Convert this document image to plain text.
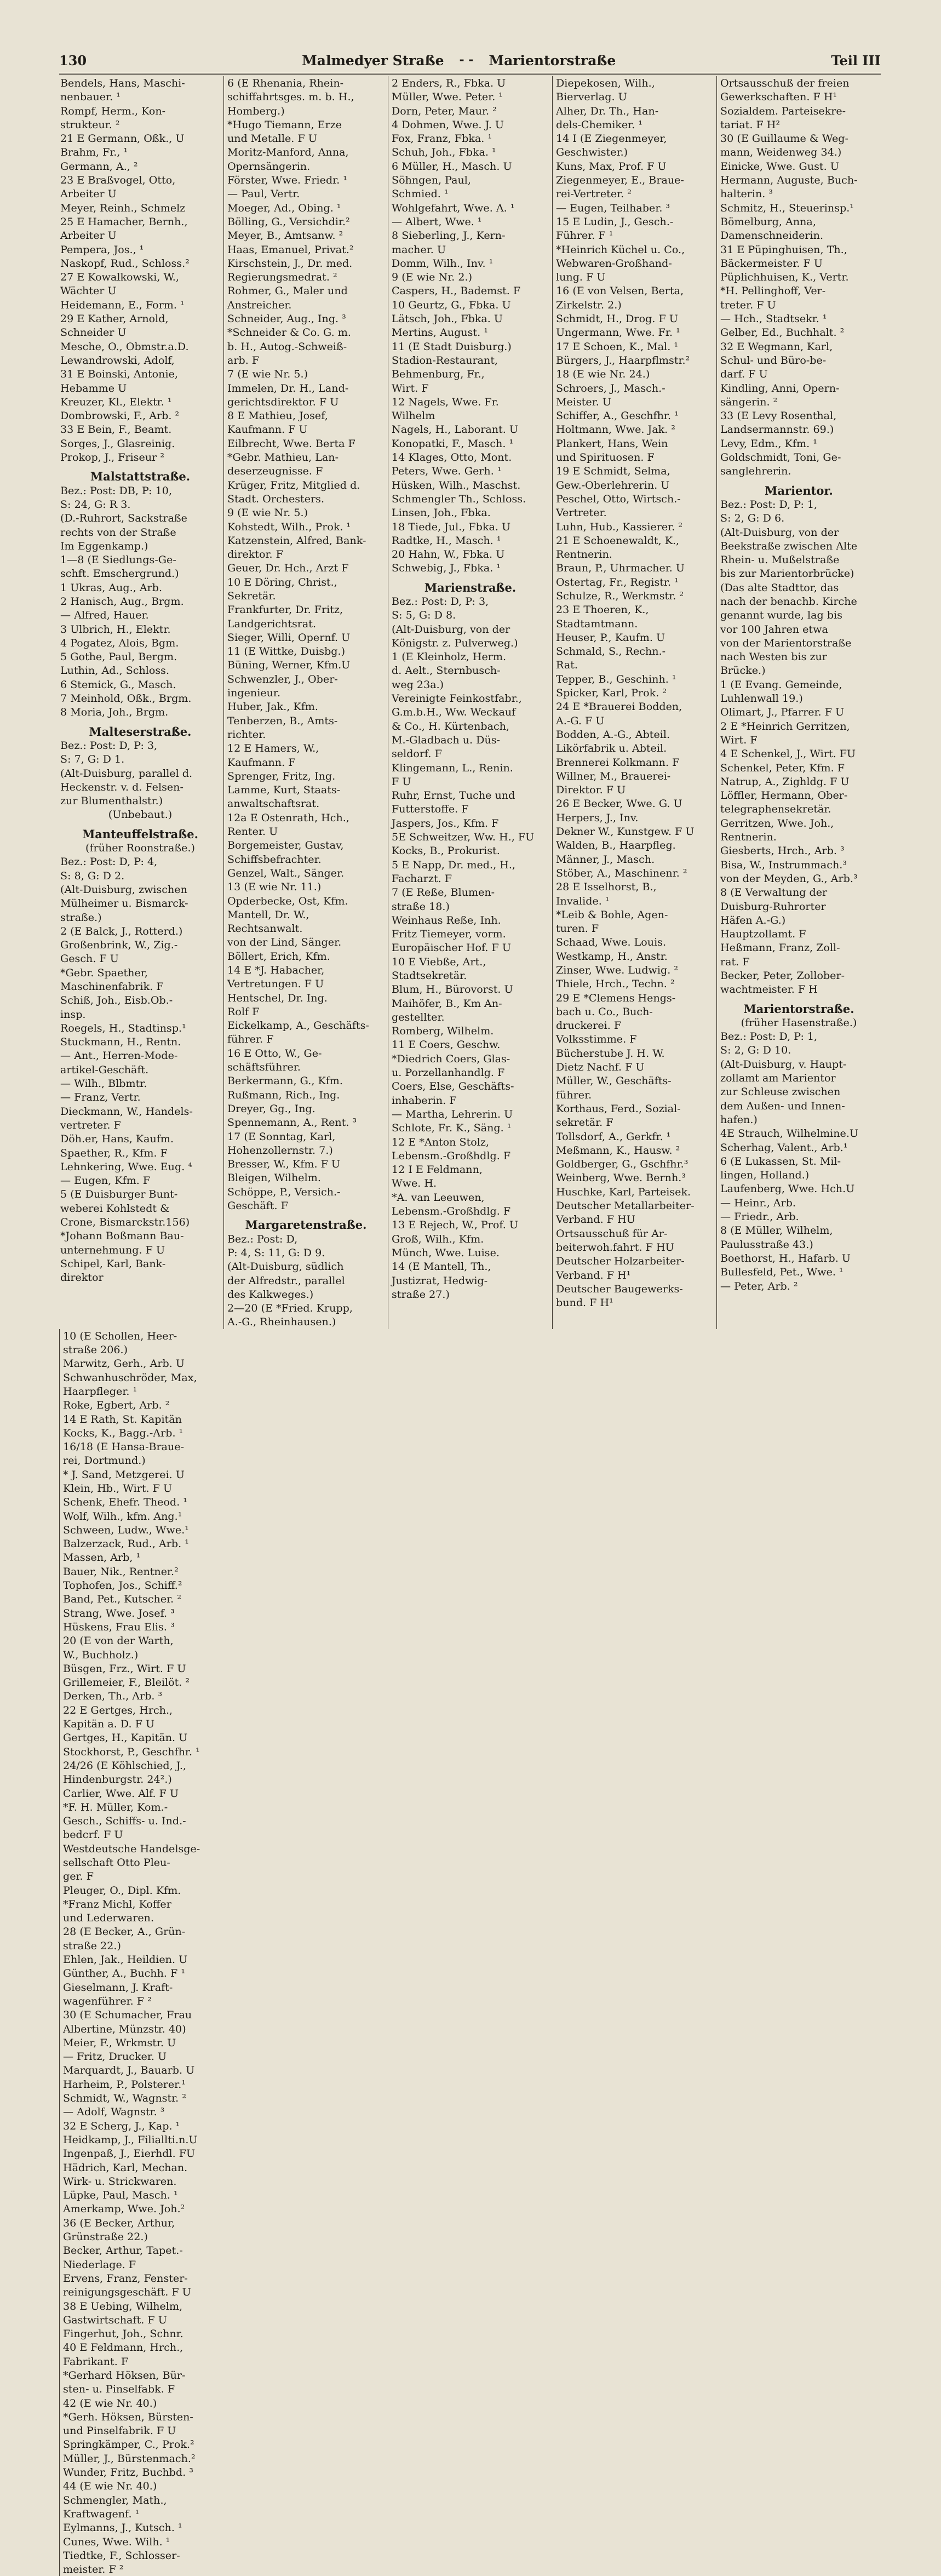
130	Malmedyer Straße - - Marientorstraße	Teil III
Bendels, Hans, Maschi-
nenbauer. ¹
Rompf, Herm., Kon-
strukteur. ²
21 E Germann, Oßk., U
Brahm, Fr., ¹
Germann, A., ²
23 E Braßvogel, Otto,
Arbeiter U
Meyer, Reinh., Schmelz
25 E Hamacher, Bernh.,
Arbeiter U
Pempera, Jos., ¹
Naskopf, Rud., Schloss.²
27 E Kowalkowski, W.,
Wächter U
Heidemann, E., Form. ¹
29 E Kather, Arnold,
Schneider U
Mesche, O., Obmstr.a.D.
Lewandrowski, Adolf,
31 E Boinski, Antonie,
Hebamme U
Kreuzer, Kl., Elektr. ¹
Dombrowski, F., Arb. ²
33 E Bein, F., Beamt.
Sorges, J., Glasreinig.
Prokop, J., Friseur ²
Malstattstraße.
Bez.: Post: DB, P: 10,
S: 24, G: R 3.
(D.-Ruhrort, Sackstraße
rechts von der Straße
Im Eggenkamp.)
1—8 (E Siedlungs-Ge-
schft. Emschergrund.)
1 Ukras, Aug., Arb.
2 Hanisch, Aug., Brgm.
— Alfred, Hauer.
3 Ulbrich, H., Elektr.
4 Pogatez, Alois, Bgm.
5 Gothe, Paul, Bergm.
Luthin, Ad., Schloss.
6 Stemick, G., Masch.
7 Meinhold, Oßk., Brgm.
8 Moria, Joh., Brgm.
Malteserstraße.
Bez.: Post: D, P: 3,
S: 7, G: D 1.
(Alt-Duisburg, parallel d.
Heckenstr. v. d. Felsen-
zur Blumenthalstr.)
(Unbebaut.)
Manteuffelstraße.
(früher Roonstraße.)
Bez.: Post: D, P: 4,
S: 8, G: D 2.
(Alt-Duisburg, zwischen
Mülheimer u. Bismarck-
straße.)
2 (E Balck, J., Rotterd.)
Großenbrink, W., Zig.-
Gesch. F U
*Gebr. Spaether,
Maschinenfabrik. F
Schiß, Joh., Eisb.Ob.-
insp.
Roegels, H., Stadtinsp.¹
Stuckmann, H., Rentn.
— Ant., Herren-Mode-
artikel-Geschäft.
— Wilh., Blbmtr.
— Franz, Vertr.
Dieckmann, W., Handels-
vertreter. F
Döh.er, Hans, Kaufm.
Spaether, R., Kfm. F
Lehnkering, Wwe. Eug. ⁴
— Eugen, Kfm. F
5 (E Duisburger Bunt-
weberei Kohlstedt &
Crone, Bismarckstr.156)
*Johann Boßmann Bau-
unternehmung. F U
Schipel, Karl, Bank-
direktor
6 (E Rhenania, Rhein-
schiffahrtsges. m. b. H.,
Homberg.)
*Hugo Tiemann, Erze
und Metalle. F U
Moritz-Manford, Anna,
Opernsängerin.
Förster, Wwe. Friedr. ¹
— Paul, Vertr.
Moeger, Ad., Obing. ¹
Bölling, G., Versichdir.²
Meyer, B., Amtsanw. ²
Haas, Emanuel, Privat.²
Kirschstein, J., Dr. med.
Regierungsmedrat. ²
Rohmer, G., Maler und
Anstreicher.
Schneider, Aug., Ing. ³
*Schneider & Co. G. m.
b. H., Autog.-Schweiß-
arb. F
7 (E wie Nr. 5.)
Immelen, Dr. H., Land-
gerichtsdirektor. F U
8 E Mathieu, Josef,
Kaufmann. F U
Eilbrecht, Wwe. Berta F
*Gebr. Mathieu, Lan-
deserzeugnisse. F
Krüger, Fritz, Mitglied d.
Stadt. Orchesters.
9 (E wie Nr. 5.)
Kohstedt, Wilh., Prok. ¹
Katzenstein, Alfred, Bank-
direktor. F
Geuer, Dr. Hch., Arzt F
10 E Döring, Christ.,
Sekretär.
Frankfurter, Dr. Fritz,
Landgerichtsrat.
Sieger, Willi, Opernf. U
11 (E Wittke, Duisbg.)
Büning, Werner, Kfm.U
Schwenzler, J., Ober-
ingenieur.
Huber, Jak., Kfm.
Tenberzen, B., Amts-
richter.
12 E Hamers, W.,
Kaufmann. F
Sprenger, Fritz, Ing.
Lamme, Kurt, Staats-
anwaltschaftsrat.
12a E Ostenrath, Hch.,
Renter. U
Borgemeister, Gustav,
Schiffsbefrachter.
Genzel, Walt., Sänger.
13 (E wie Nr. 11.)
Opderbecke, Ost, Kfm.
Mantell, Dr. W.,
Rechtsanwalt.
von der Lind, Sänger.
Böllert, Erich, Kfm.
14 E *J. Habacher,
Vertretungen. F U
Hentschel, Dr. Ing.
Rolf F
Eickelkamp, A., Geschäfts-
führer. F
16 E Otto, W., Ge-
schäftsführer.
Berkermann, G., Kfm.
Rußmann, Rich., Ing.
Dreyer, Gg., Ing.
Spennemann, A., Rent. ³
17 (E Sonntag, Karl,
Hohenzollernstr. 7.)
Bresser, W., Kfm. F U
Bleigen, Wilhelm.
Schöppe, P., Versich.-
Geschäft. F
Margaretenstraße.
Bez.: Post: D,
P: 4, S: 11, G: D 9.
(Alt-Duisburg, südlich
der Alfredstr., parallel
des Kalkweges.)
2—20 (E *Fried. Krupp,
A.-G., Rheinhausen.)
2 Enders, R., Fbka. U
Müller, Wwe. Peter. ¹
Dorn, Peter, Maur. ²
4 Dohmen, Wwe. J. U
Fox, Franz, Fbka. ¹
Schuh, Joh., Fbka. ¹
6 Müller, H., Masch. U
Söhngen, Paul,
Schmied. ¹
Wohlgefahrt, Wwe. A. ¹
— Albert, Wwe. ¹
8 Sieberling, J., Kern-
macher. U
Domm, Wilh., Inv. ¹
9 (E wie Nr. 2.)
Caspers, H., Bademst. F
10 Geurtz, G., Fbka. U
Lätsch, Joh., Fbka. U
Mertins, August. ¹
11 (E Stadt Duisburg.)
Stadion-Restaurant,
Behmenburg, Fr.,
Wirt. F
12 Nagels, Wwe. Fr.
Wilhelm
Nagels, H., Laborant. U
Konopatki, F., Masch. ¹
14 Klages, Otto, Mont.
Peters, Wwe. Gerh. ¹
Hüsken, Wilh., Maschst.
Schmengler Th., Schloss.
Linsen, Joh., Fbka.
18 Tiede, Jul., Fbka. U
Radtke, H., Masch. ¹
20 Hahn, W., Fbka. U
Schwebig, J., Fbka. ¹
Marienstraße.
Bez.: Post: D, P: 3,
S: 5, G: D 8.
(Alt-Duisburg, von der
Königstr. z. Pulverweg.)
1 (E Kleinholz, Herm.
d. Aelt., Sternbusch-
weg 23a.)
Vereinigte Feinkostfabr.,
G.m.b.H., Ww. Weckauf
& Co., H. Kürtenbach,
M.-Gladbach u. Düs-
seldorf. F
Klingemann, L., Renin.
F U
Ruhr, Ernst, Tuche und
Futterstoffe. F
Jaspers, Jos., Kfm. F
5E Schweitzer, Ww. H., FU
Kocks, B., Prokurist.
5 E Napp, Dr. med., H.,
Facharzt. F
7 (E Reße, Blumen-
straße 18.)
Weinhaus Reße, Inh.
Fritz Tiemeyer, vorm.
Europäischer Hof. F U
10 E Viebße, Art.,
Stadtsekretär.
Blum, H., Bürovorst. U
Maihöfer, B., Km An-
gestellter.
Romberg, Wilhelm.
11 E Coers, Geschw.
*Diedrich Coers, Glas-
u. Porzellanhandlg. F
Coers, Else, Geschäfts-
inhaberin. F
— Martha, Lehrerin. U
Schlote, Fr. K., Säng. ¹
12 E *Anton Stolz,
Lebensm.-Großhdlg. F
12 I E Feldmann,
Wwe. H.
*A. van Leeuwen,
Lebensm.-Großhdlg. F
13 E Rejech, W., Prof. U
Groß, Wilh., Kfm.
Münch, Wwe. Luise.
14 (E Mantell, Th.,
Justizrat, Hedwig-
straße 27.)
Diepekosen, Wilh.,
Bierverlag. U
Alher, Dr. Th., Han-
dels-Chemiker. ¹
14 I (E Ziegenmeyer,
Geschwister.)
Kuns, Max, Prof. F U
Ziegenmeyer, E., Braue-
rei-Vertreter. ²
— Eugen, Teilhaber. ³
15 E Ludin, J., Gesch.-
Führer. F ¹
*Heinrich Küchel u. Co.,
Webwaren-Großhand-
lung. F U
16 (E von Velsen, Berta,
Zirkelstr. 2.)
Schmidt, H., Drog. F U
Ungermann, Wwe. Fr. ¹
17 E Schoen, K., Mal. ¹
Bürgers, J., Haarpflmstr.²
18 (E wie Nr. 24.)
Schroers, J., Masch.-
Meister. U
Schiffer, A., Geschfhr. ¹
Holtmann, Wwe. Jak. ²
Plankert, Hans, Wein
und Spirituosen. F
19 E Schmidt, Selma,
Gew.-Oberlehrerin. U
Peschel, Otto, Wirtsch.-
Vertreter.
Luhn, Hub., Kassierer. ²
21 E Schoenewaldt, K.,
Rentnerin.
Braun, P., Uhrmacher. U
Ostertag, Fr., Registr. ¹
Schulze, R., Werkmstr. ²
23 E Thoeren, K.,
Stadtamtmann.
Heuser, P., Kaufm. U
Schmald, S., Rechn.-
Rat.
Tepper, B., Geschinh. ¹
Spicker, Karl, Prok. ²
24 E *Brauerei Bodden,
A.-G. F U
Bodden, A.-G., Abteil.
Likörfabrik u. Abteil.
Brennerei Kolkmann. F
Willner, M., Brauerei-
Direktor. F U
26 E Becker, Wwe. G. U
Herpers, J., Inv.
Dekner W., Kunstgew. F U
Walden, B., Haarpfleg.
Männer, J., Masch.
Stöber, A., Maschinenr. ²
28 E Isselhorst, B.,
Invalide. ¹
*Leib & Bohle, Agen-
turen. F
Schaad, Wwe. Louis.
Westkamp, H., Anstr.
Zinser, Wwe. Ludwig. ²
Thiele, Hrch., Techn. ²
29 E *Clemens Hengs-
bach u. Co., Buch-
druckerei. F
Volksstimme. F
Bücherstube J. H. W.
Dietz Nachf. F U
Müller, W., Geschäfts-
führer.
Korthaus, Ferd., Sozial-
sekretär. F
Tollsdorf, A., Gerkfr. ¹
Meßmann, K., Hausw. ²
Goldberger, G., Gschfhr.³
Weinberg, Wwe. Bernh.³
Huschke, Karl, Parteisek.
Deutscher Metallarbeiter-
Verband. F HU
Ortsausschuß für Ar-
beiterwoh.fahrt. F HU
Deutscher Holzarbeiter-
Verband. F H¹
Deutscher Baugewerks-
bund. F H¹
Ortsausschuß der freien
Gewerkschaften. F H¹
Sozialdem. Parteisekre-
tariat. F H²
30 (E Guillaume & Weg-
mann, Weidenweg 34.)
Einicke, Wwe. Gust. U
Hermann, Auguste, Buch-
halterin. ³
Schmitz, H., Steuerinsp.¹
Bömelburg, Anna,
Damenschneiderin.
31 E Püpinghuisen, Th.,
Bäckermeister. F U
Püplichhuisen, K., Vertr.
*H. Pellinghoff, Ver-
treter. F U
— Hch., Stadtsekr. ¹
Gelber, Ed., Buchhalt. ²
32 E Wegmann, Karl,
Schul- und Büro-be-
darf. F U
Kindling, Anni, Opern-
sängerin. ²
33 (E Levy Rosenthal,
Landsermannstr. 69.)
Levy, Edm., Kfm. ¹
Goldschmidt, Toni, Ge-
sanglehrerin.
Marientor.
Bez.: Post: D, P: 1,
S: 2, G: D 6.
(Alt-Duisburg, von der
Beekstraße zwischen Alte
Rhein- u. Mußelstraße
bis zur Marientorbrücke)
(Das alte Stadttor, das
nach der benachb. Kirche
genannt wurde, lag bis
vor 100 Jahren etwa
von der Marientorstraße
nach Westen bis zur
Brücke.)
1 (E Evang. Gemeinde,
Luhlenwall 19.)
Olimart, J., Pfarrer. F U
2 E *Heinrich Gerritzen,
Wirt. F
4 E Schenkel, J., Wirt. FU
Schenkel, Peter, Kfm. F
Natrup, A., Zighldg. F U
Löffler, Hermann, Ober-
telegraphensekretär.
Gerritzen, Wwe. Joh.,
Rentnerin.
Giesberts, Hrch., Arb. ³
Bisa, W., Instrummach.³
von der Meyden, G., Arb.³
8 (E Verwaltung der
Duisburg-Ruhrorter
Häfen A.-G.)
Hauptzollamt. F
Heßmann, Franz, Zoll-
rat. F
Becker, Peter, Zollober-
wachtmeister. F H
Marientorstraße.
(früher Hasenstraße.)
Bez.: Post: D, P: 1,
S: 2, G: D 10.
(Alt-Duisburg, v. Haupt-
zollamt am Marientor
zur Schleuse zwischen
dem Außen- und Innen-
hafen.)
4E Strauch, Wilhelmine.U
Scherhag, Valent., Arb.¹
6 (E Lukassen, St. Mil-
lingen, Holland.)
Laufenberg, Wwe. Hch.U
— Heinr., Arb.
— Friedr., Arb.
8 (E Müller, Wilhelm,
Paulusstraße 43.)
Boethorst, H., Hafarb. U
Bullesfeld, Pet., Wwe. ¹
— Peter, Arb. ²
10 (E Schollen, Heer-
straße 206.)
Marwitz, Gerh., Arb. U
Schwanhuschröder, Max,
Haarpfleger. ¹
Roke, Egbert, Arb. ²
14 E Rath, St. Kapitän
Kocks, K., Bagg.-Arb. ¹
16/18 (E Hansa-Braue-
rei, Dortmund.)
* J. Sand, Metzgerei. U
Klein, Hb., Wirt. F U
Schenk, Ehefr. Theod. ¹
Wolf, Wilh., kfm. Ang.¹
Schween, Ludw., Wwe.¹
Balzerzack, Rud., Arb. ¹
Massen, Arb, ¹
Bauer, Nik., Rentner.²
Tophofen, Jos., Schiff.²
Band, Pet., Kutscher. ²
Strang, Wwe. Josef. ³
Hüskens, Frau Elis. ³
20 (E von der Warth,
W., Buchholz.)
Büsgen, Frz., Wirt. F U
Grillemeier, F., Bleilöt. ²
Derken, Th., Arb. ³
22 E Gertges, Hrch.,
Kapitän a. D. F U
Gertges, H., Kapitän. U
Stockhorst, P., Geschfhr. ¹
24/26 (E Köhlschied, J.,
Hindenburgstr. 24².)
Carlier, Wwe. Alf. F U
*F. H. Müller, Kom.-
Gesch., Schiffs- u. Ind.-
bedcrf. F U
Westdeutsche Handelsge-
sellschaft Otto Pleu-
ger. F
Pleuger, O., Dipl. Kfm.
*Franz Michl, Koffer
und Lederwaren.
28 (E Becker, A., Grün-
straße 22.)
Ehlen, Jak., Heildien. U
Günther, A., Buchh. F ¹
Gieselmann, J. Kraft-
wagenführer. F ²
30 (E Schumacher, Frau
Albertine, Münzstr. 40)
Meier, F., Wrkmstr. U
— Fritz, Drucker. U
Marquardt, J., Bauarb. U
Harheim, P., Polsterer.¹
Schmidt, W., Wagnstr. ²
— Adolf, Wagnstr. ³
32 E Scherg, J., Kap. ¹
Heidkamp, J., Filiallti.n.U
Ingenpaß, J., Eierhdl. FU
Hädrich, Karl, Mechan.
Wirk- u. Strickwaren.
Lüpke, Paul, Masch. ¹
Amerkamp, Wwe. Joh.²
36 (E Becker, Arthur,
Grünstraße 22.)
Becker, Arthur, Tapet.-
Niederlage. F
Ervens, Franz, Fenster-
reinigungsgeschäft. F U
38 E Uebing, Wilhelm,
Gastwirtschaft. F U
Fingerhut, Joh., Schnr.
40 E Feldmann, Hrch.,
Fabrikant. F
*Gerhard Höksen, Bür-
sten- u. Pinselfabk. F
42 (E wie Nr. 40.)
*Gerh. Höksen, Bürsten-
und Pinselfabrik. F U
Springkämper, C., Prok.²
Müller, J., Bürstenmach.²
Wunder, Fritz, Buchbd. ³
44 (E wie Nr. 40.)
Schmengler, Math.,
Kraftwagenf. ¹
Eylmanns, J., Kutsch. ¹
Cunes, Wwe. Wilh. ¹
Tiedtke, F., Schlosser-
meister. F ²
